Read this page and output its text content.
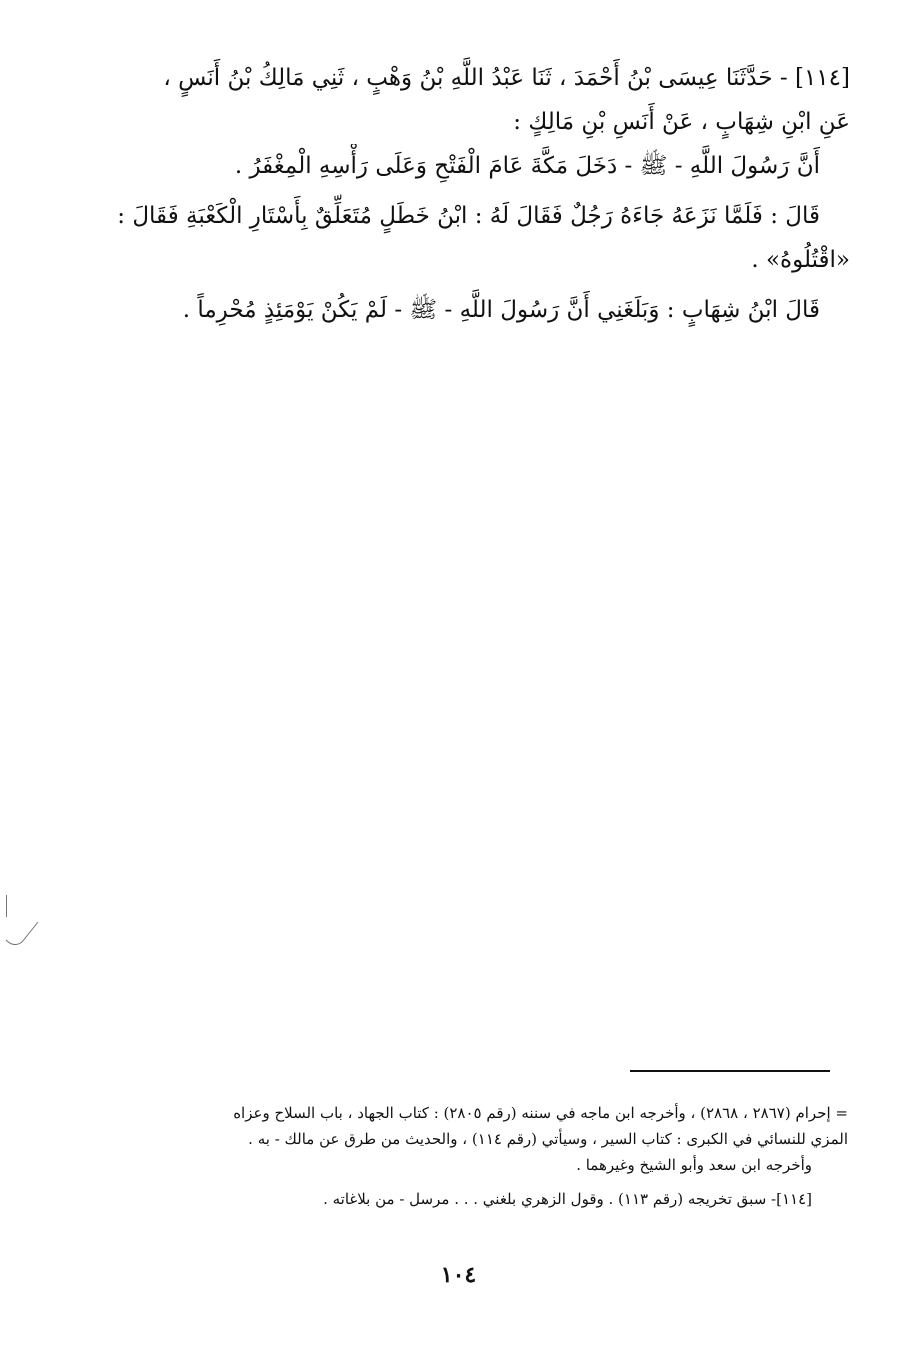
[١١٤] - حَدَّثَنَا عِيسَى بْنُ أَحْمَدَ ، ثَنَا عَبْدُ اللَّهِ بْنُ وَهْبٍ ، ثَنِي مَالِكُ بْنُ أَنَسٍ ،
عَنِ ابْنِ شِهَابٍ ، عَنْ أَنَسِ بْنِ مَالِكٍ :
أَنَّ رَسُولَ اللَّهِ - ﷺ - دَخَلَ مَكَّةَ عَامَ الْفَتْحِ وَعَلَى رَأْسِهِ الْمِغْفَرُ .
قَالَ : فَلَمَّا نَزَعَهُ جَاءَهُ رَجُلٌ فَقَالَ لَهُ : ابْنُ خَطَلٍ مُتَعَلِّقٌ بِأَسْتَارِ الْكَعْبَةِ فَقَالَ :
«اقْتُلُوهُ» .
قَالَ ابْنُ شِهَابٍ : وَبَلَغَنِي أَنَّ رَسُولَ اللَّهِ - ﷺ - لَمْ يَكُنْ يَوْمَئِذٍ مُحْرِماً .
= إحرام (٢٨٦٧ ، ٢٨٦٨) ، وأخرجه ابن ماجه في سننه (رقم ٢٨٠٥) : كتاب الجهاد ، باب السلاح وعزاه
المزي للنسائي في الكبرى : كتاب السير ، وسيأتي (رقم ١١٤) ، والحديث من طرق عن مالك - به .
وأخرجه ابن سعد وأبو الشيخ وغيرهما .
[١١٤]- سبق تخريجه (رقم ١١٣) . وقول الزهري بلغني . . . مرسل - من بلاغاته .
١٠٤
